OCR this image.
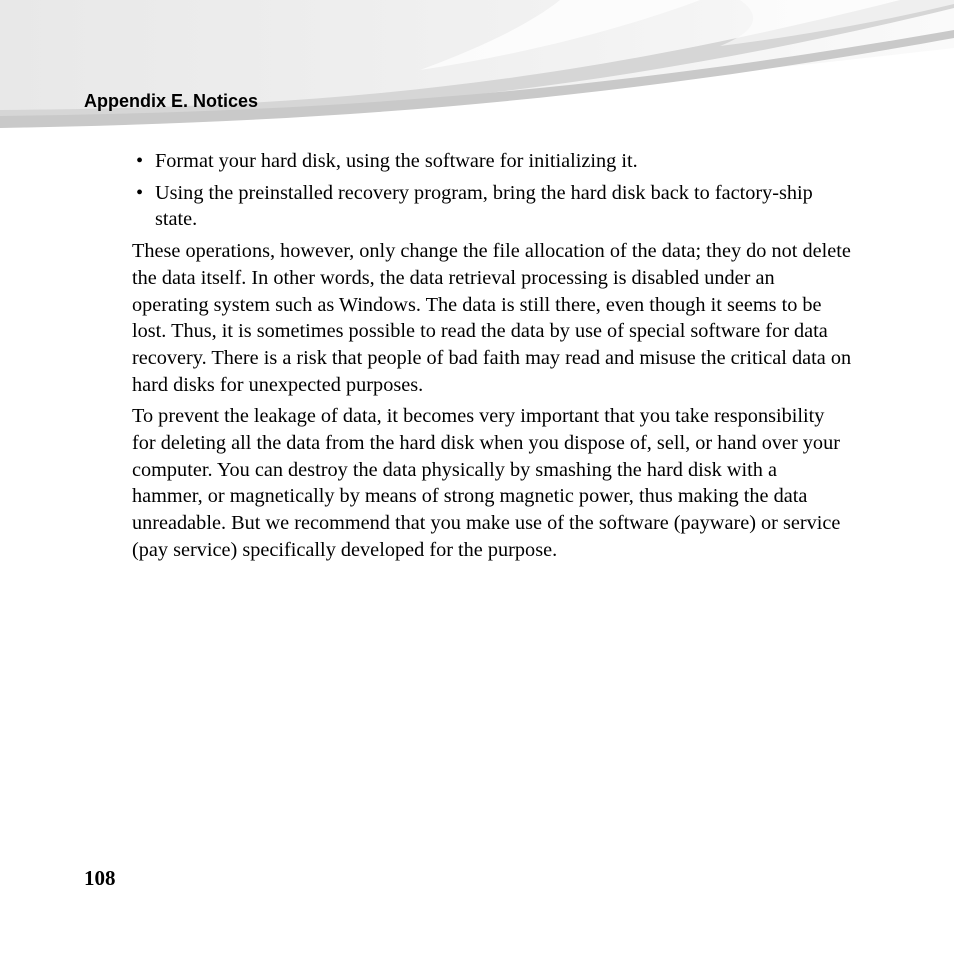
Appendix E. Notices
• Format your hard disk, using the software for initializing it.
• Using the preinstalled recovery program, bring the hard disk back to factory-ship state.

These operations, however, only change the file allocation of the data; they do not delete the data itself. In other words, the data retrieval processing is disabled under an operating system such as Windows. The data is still there, even though it seems to be lost. Thus, it is sometimes possible to read the data by use of special software for data recovery. There is a risk that people of bad faith may read and misuse the critical data on hard disks for unexpected purposes.

To prevent the leakage of data, it becomes very important that you take responsibility for deleting all the data from the hard disk when you dispose of, sell, or hand over your computer. You can destroy the data physically by smashing the hard disk with a hammer, or magnetically by means of strong magnetic power, thus making the data unreadable. But we recommend that you make use of the software (payware) or service (pay service) specifically developed for the purpose.

108
